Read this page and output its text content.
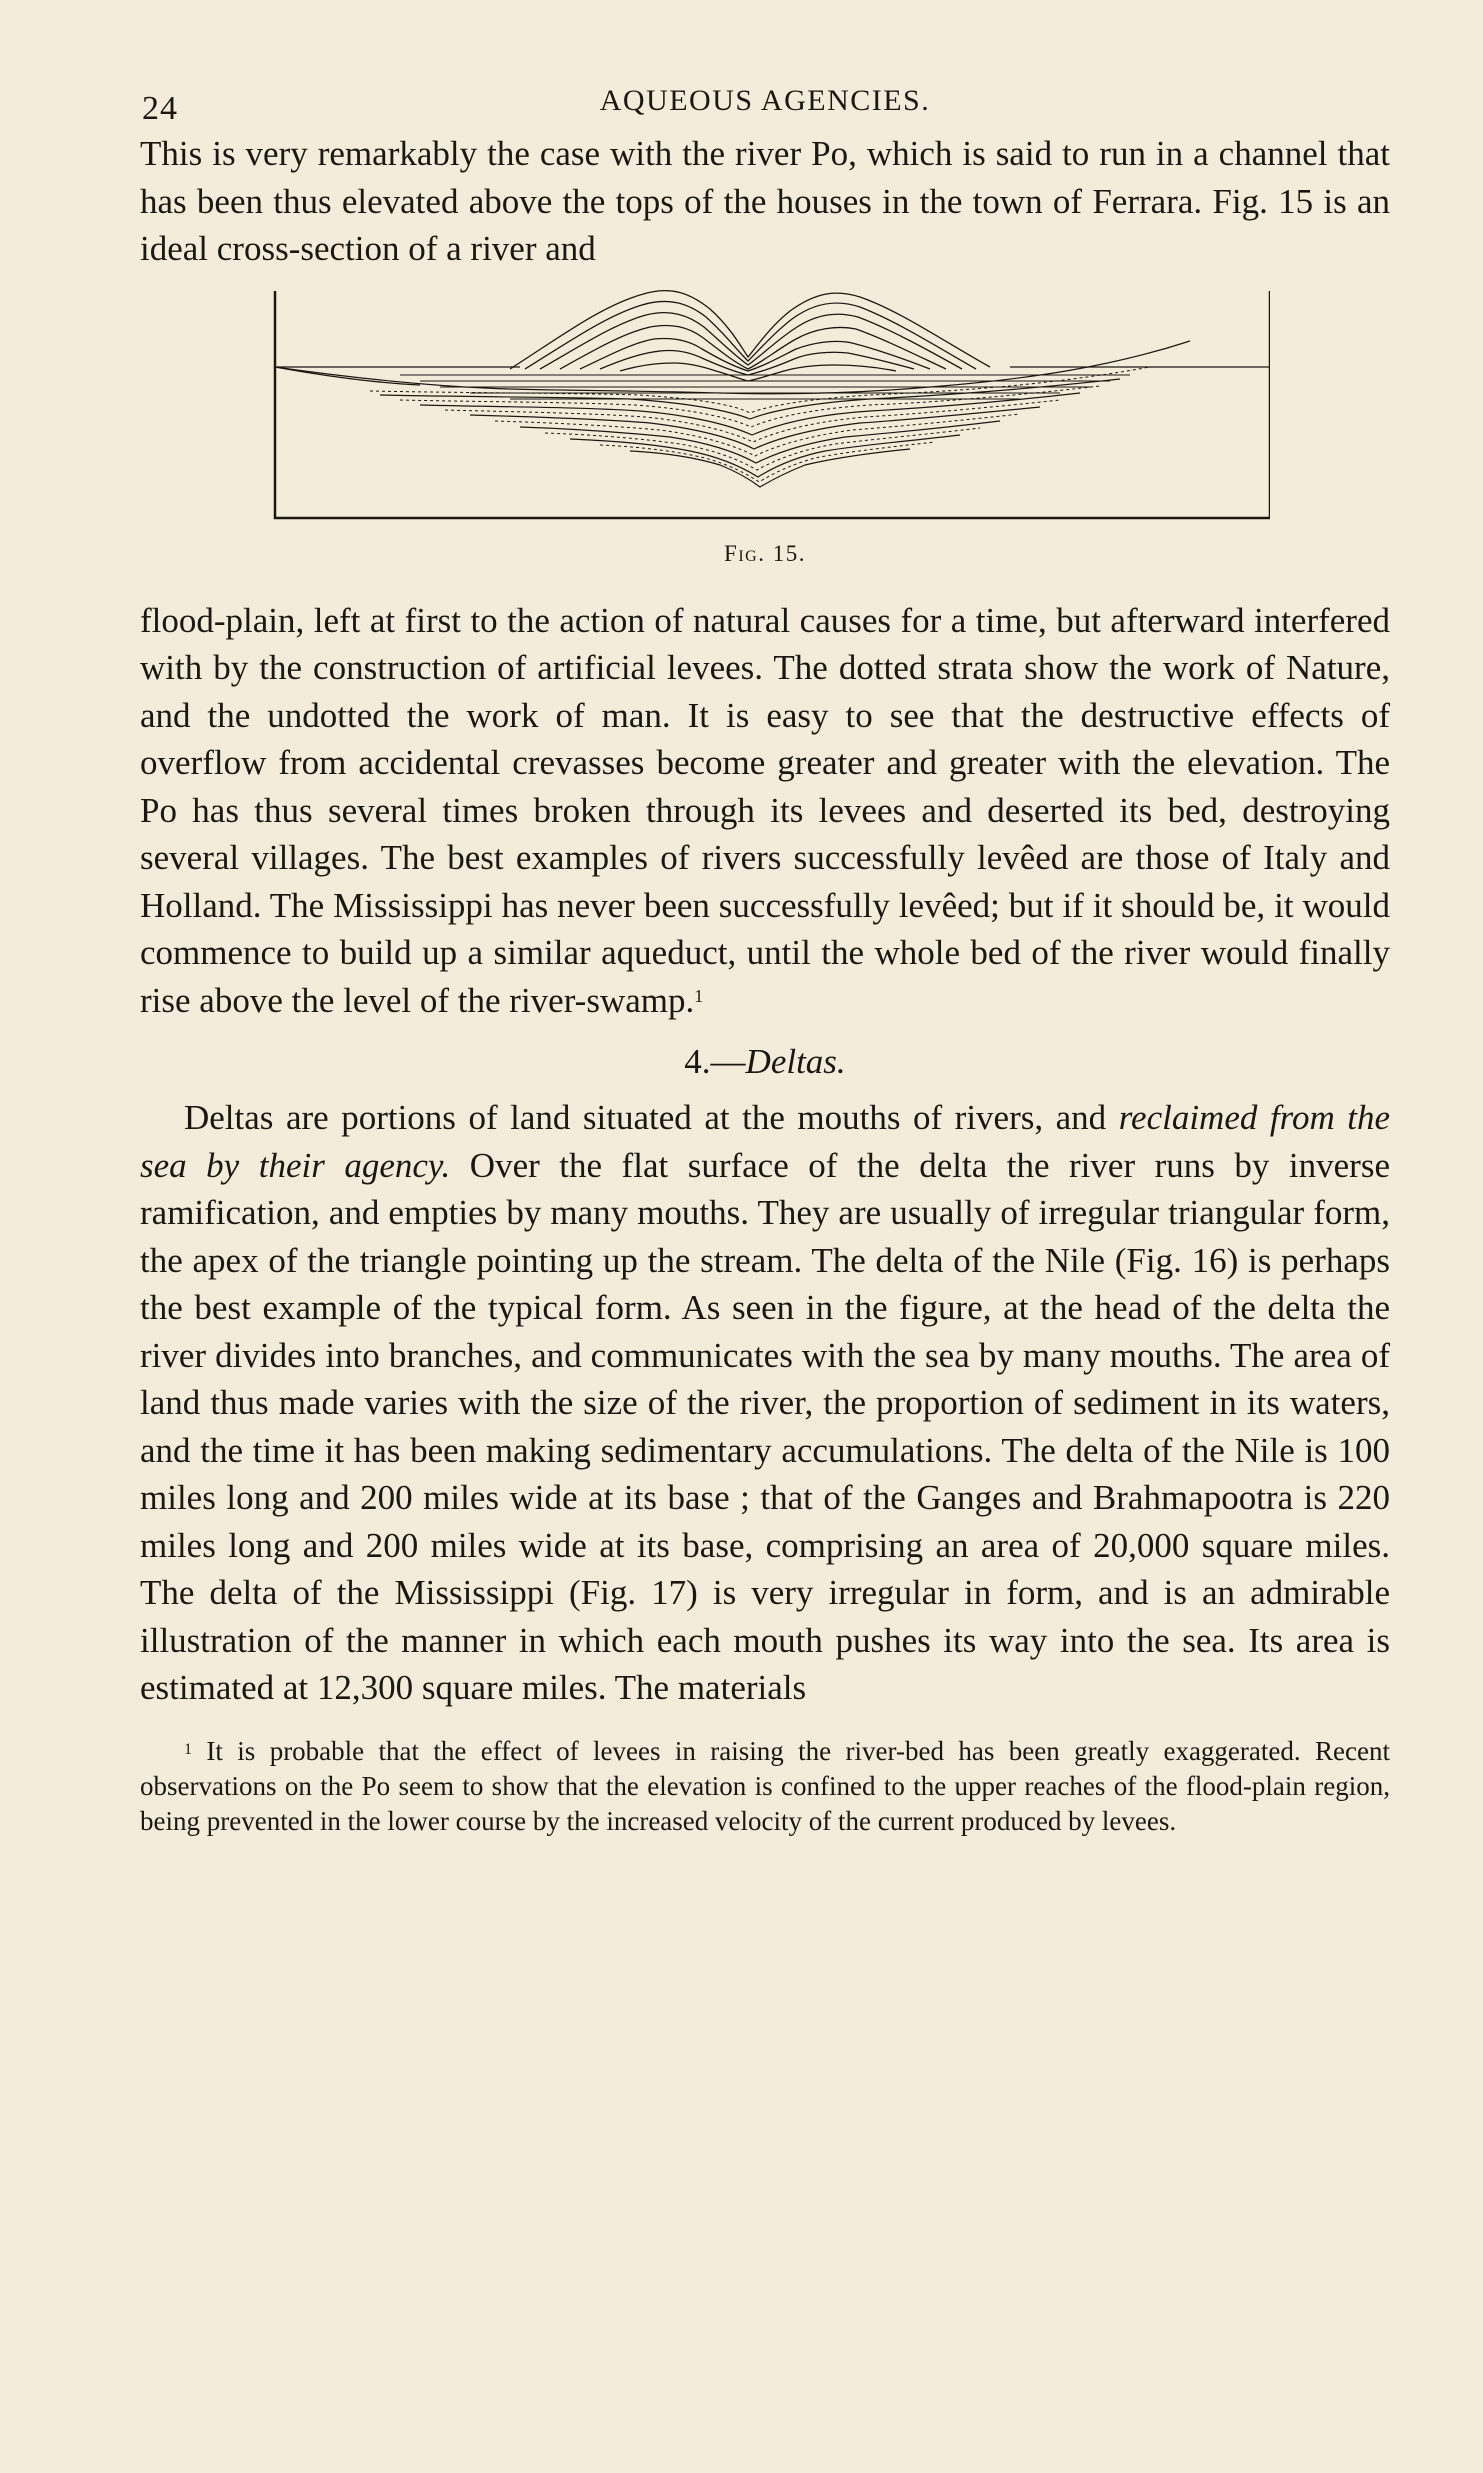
24	AQUEOUS AGENCIES.

This is very remarkably the case with the river Po, which is said to run in a channel that has been thus elevated above the tops of the houses in the town of Ferrara. Fig. 15 is an ideal cross-section of a river and

Fig. 15.

flood-plain, left at first to the action of natural causes for a time, but afterward interfered with by the construction of artificial levees. The dotted strata show the work of Nature, and the undotted the work of man. It is easy to see that the destructive effects of overflow from accidental crevasses become greater and greater with the elevation. The Po has thus several times broken through its levees and deserted its bed, destroying several villages. The best examples of rivers successfully levêed are those of Italy and Holland. The Mississippi has never been successfully levêed; but if it should be, it would commence to build up a similar aqueduct, until the whole bed of the river would finally rise above the level of the river-swamp.$^1$

4.—Deltas.

Deltas are portions of land situated at the mouths of rivers, and reclaimed from the sea by their agency. Over the flat surface of the delta the river runs by inverse ramification, and empties by many mouths. They are usually of irregular triangular form, the apex of the triangle pointing up the stream. The delta of the Nile (Fig. 16) is perhaps the best example of the typical form. As seen in the figure, at the head of the delta the river divides into branches, and communicates with the sea by many mouths. The area of land thus made varies with the size of the river, the proportion of sediment in its waters, and the time it has been making sedimentary accumulations. The delta of the Nile is 100 miles long and 200 miles wide at its base ; that of the Ganges and Brahmapootra is 220 miles long and 200 miles wide at its base, comprising an area of 20,000 square miles. The delta of the Mississippi (Fig. 17) is very irregular in form, and is an admirable illustration of the manner in which each mouth pushes its way into the sea. Its area is estimated at 12,300 square miles. The materials

$^1$ It is probable that the effect of levees in raising the river-bed has been greatly exaggerated. Recent observations on the Po seem to show that the elevation is confined to the upper reaches of the flood-plain region, being prevented in the lower course by the increased velocity of the current produced by levees.
